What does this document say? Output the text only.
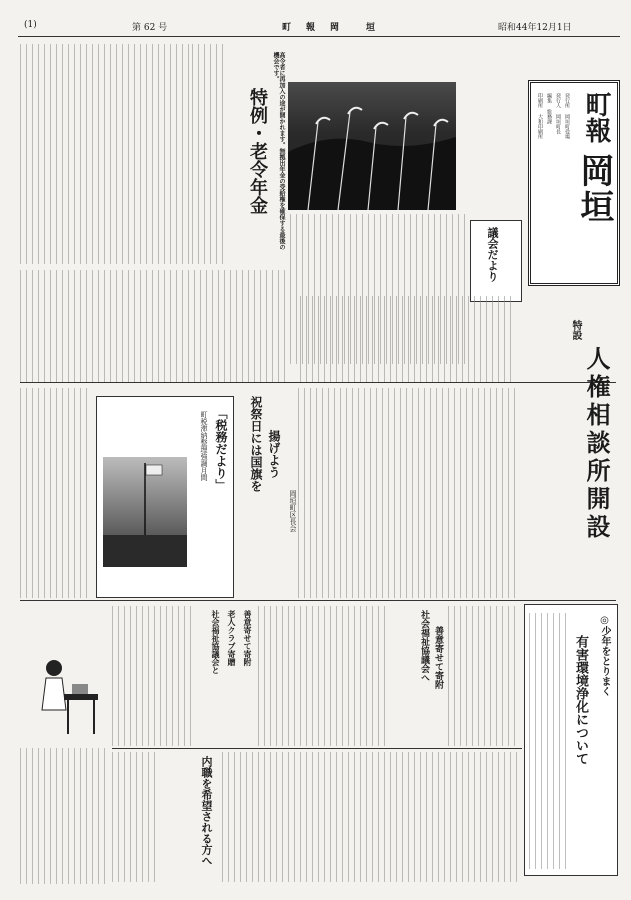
(1)	第 62 号	町　報　岡　　垣	昭和44年12月1日
町報
岡垣
発行所 岡垣町役場
発行人 岡垣町長
編集 総務課
印刷所 大和印刷所
議会だより
特例・老令年金	高令者に再加入の途が開かれます。無拠出年金の受給権を確保する最後の機会です。
特設
人権相談所開設
祝祭日には国旗を 揚げよう
岡垣町区長会
「税務だより」
町税滞納整理強調月間
社会福祉協議会へ 善意寄せて寄附
社会福祉協議会と 老人クラブ寄贈 善意寄せて寄附	◎少年をとりまく
有害環境浄化について
内職を希望される方へ
